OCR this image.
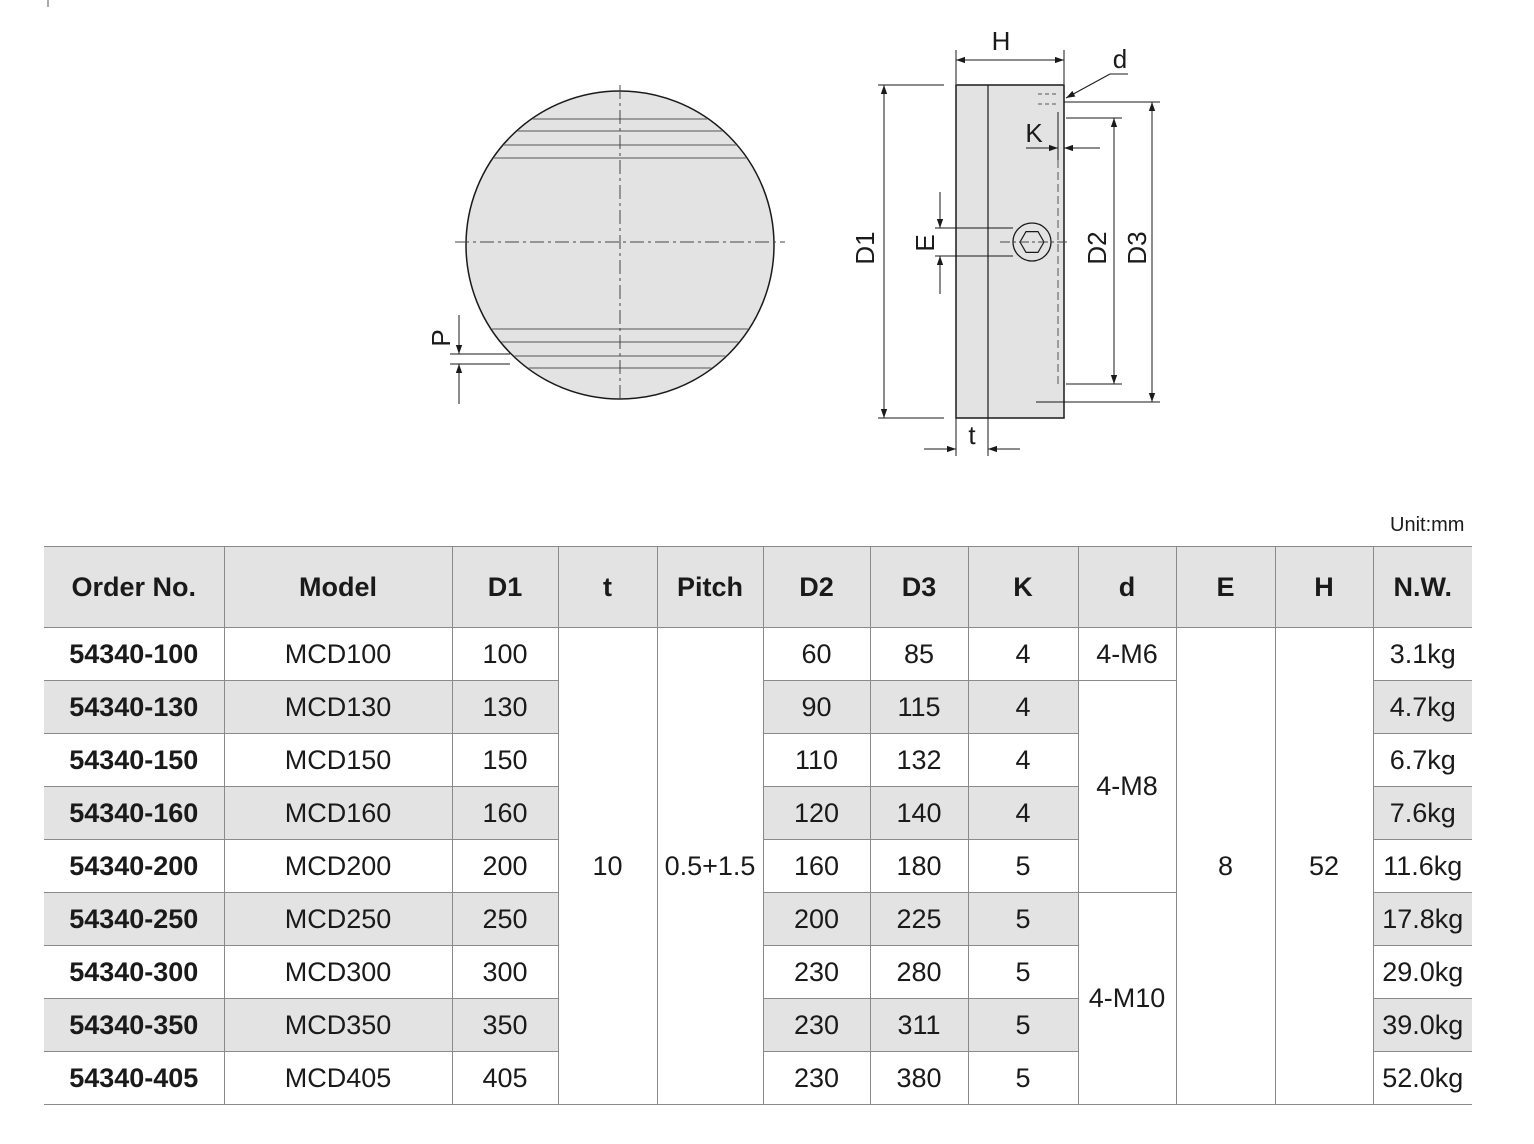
P
H
d
K
D1 E	D2 D3
t
Unit:mm
Order No.	Model	D1	t	Pitch	D2	D3	K	d	E	H	N.W.
54340-100	MCD100	100	10	0.5+1.5	60	85	4	4-M6	8	52	3.1kg
54340-130	MCD130	130			90	115	4	4-M8			4.7kg
54340-150	MCD150	150			110	132	4				6.7kg
54340-160	MCD160	160			120	140	4				7.6kg
54340-200	MCD200	200			160	180	5				11.6kg
54340-250	MCD250	250			200	225	5	4-M10			17.8kg
54340-300	MCD300	300			230	280	5				29.0kg
54340-350	MCD350	350			230	311	5				39.0kg
54340-405	MCD405	405			230	380	5				52.0kg
